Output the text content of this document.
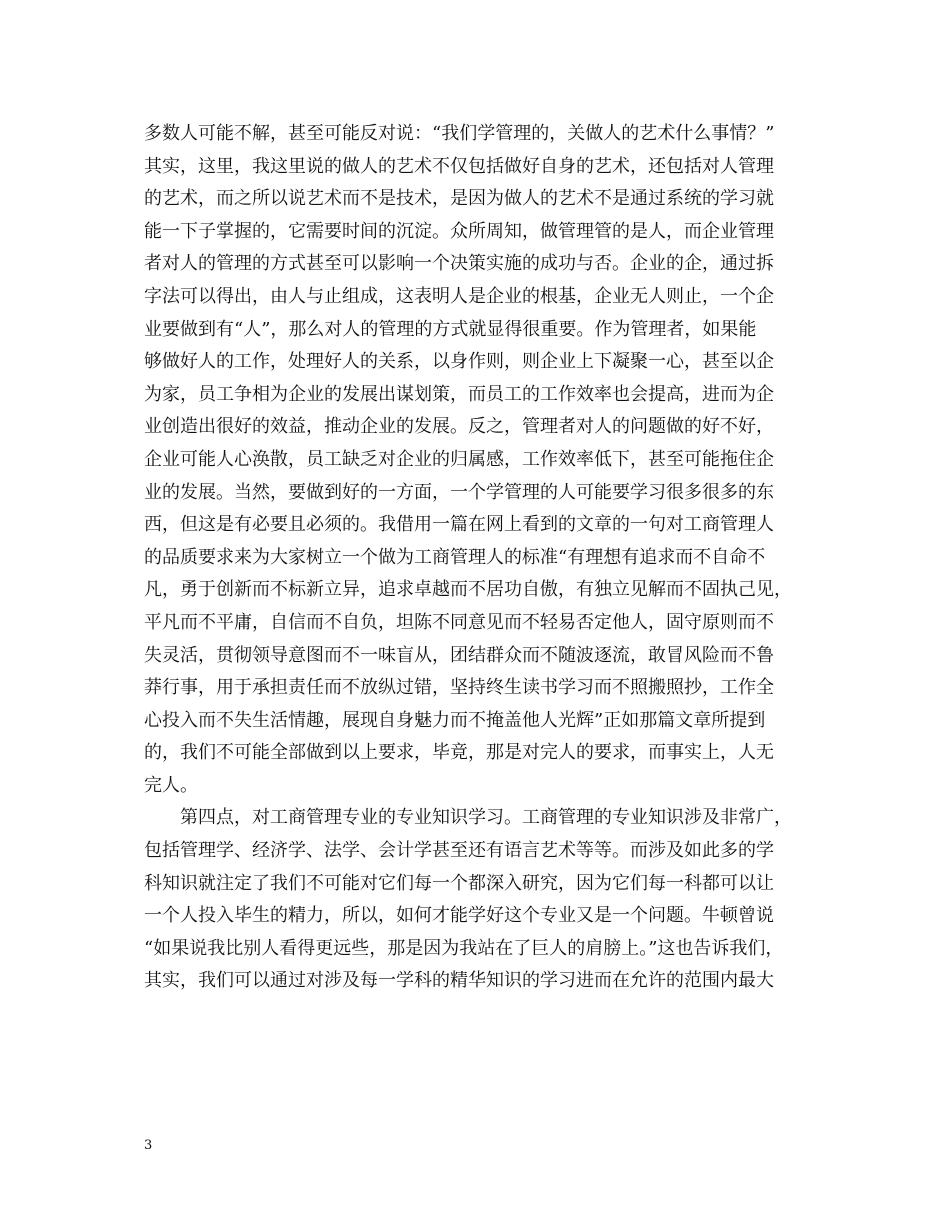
多数人可能不解，甚至可能反对说：“我们学管理的，关做人的艺术什么事情？”
其实，这里，我这里说的做人的艺术不仅包括做好自身的艺术，还包括对人管理
的艺术，而之所以说艺术而不是技术，是因为做人的艺术不是通过系统的学习就
能一下子掌握的，它需要时间的沉淀。众所周知，做管理管的是人，而企业管理
者对人的管理的方式甚至可以影响一个决策实施的成功与否。企业的企，通过拆
字法可以得出，由人与止组成，这表明人是企业的根基，企业无人则止，一个企
业要做到有“人”，那么对人的管理的方式就显得很重要。作为管理者，如果能
够做好人的工作，处理好人的关系，以身作则，则企业上下凝聚一心，甚至以企
为家，员工争相为企业的发展出谋划策，而员工的工作效率也会提高，进而为企
业创造出很好的效益，推动企业的发展。反之，管理者对人的问题做的好不好，
企业可能人心涣散，员工缺乏对企业的归属感，工作效率低下，甚至可能拖住企
业的发展。当然，要做到好的一方面，一个学管理的人可能要学习很多很多的东
西，但这是有必要且必须的。我借用一篇在网上看到的文章的一句对工商管理人
的品质要求来为大家树立一个做为工商管理人的标准“有理想有追求而不自命不
凡，勇于创新而不标新立异，追求卓越而不居功自傲，有独立见解而不固执己见，
平凡而不平庸，自信而不自负，坦陈不同意见而不轻易否定他人，固守原则而不
失灵活，贯彻领导意图而不一味盲从，团结群众而不随波逐流，敢冒风险而不鲁
莽行事，用于承担责任而不放纵过错，坚持终生读书学习而不照搬照抄，工作全
心投入而不失生活情趣，展现自身魅力而不掩盖他人光辉”正如那篇文章所提到
的，我们不可能全部做到以上要求，毕竟，那是对完人的要求，而事实上，人无
完人。
第四点，对工商管理专业的专业知识学习。工商管理的专业知识涉及非常广，
包括管理学、经济学、法学、会计学甚至还有语言艺术等等。而涉及如此多的学
科知识就注定了我们不可能对它们每一个都深入研究，因为它们每一科都可以让
一个人投入毕生的精力，所以，如何才能学好这个专业又是一个问题。牛顿曾说
“如果说我比别人看得更远些，那是因为我站在了巨人的肩膀上。”这也告诉我们，
其实，我们可以通过对涉及每一学科的精华知识的学习进而在允许的范围内最大
3
